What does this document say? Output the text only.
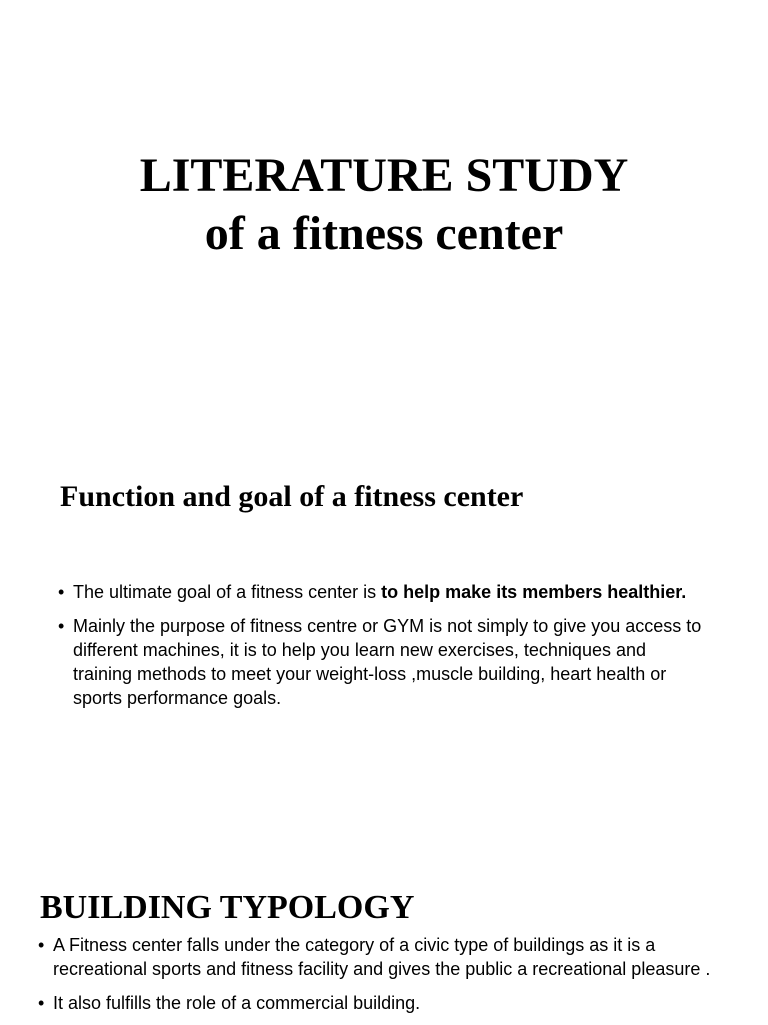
LITERATURE STUDY
of a fitness center
Function and goal of a fitness center
• The ultimate goal of a fitness center is to help make its members healthier.
• Mainly the purpose of fitness centre or GYM is not simply to give you access to different machines, it is to help you learn new exercises, techniques and training methods to meet your weight-loss ,muscle building, heart health or sports performance goals.
BUILDING TYPOLOGY
• A Fitness center falls under the category of a civic type of buildings as it is a recreational sports and fitness facility and gives the public a recreational pleasure .
• It also fulfills the role of a commercial building.
